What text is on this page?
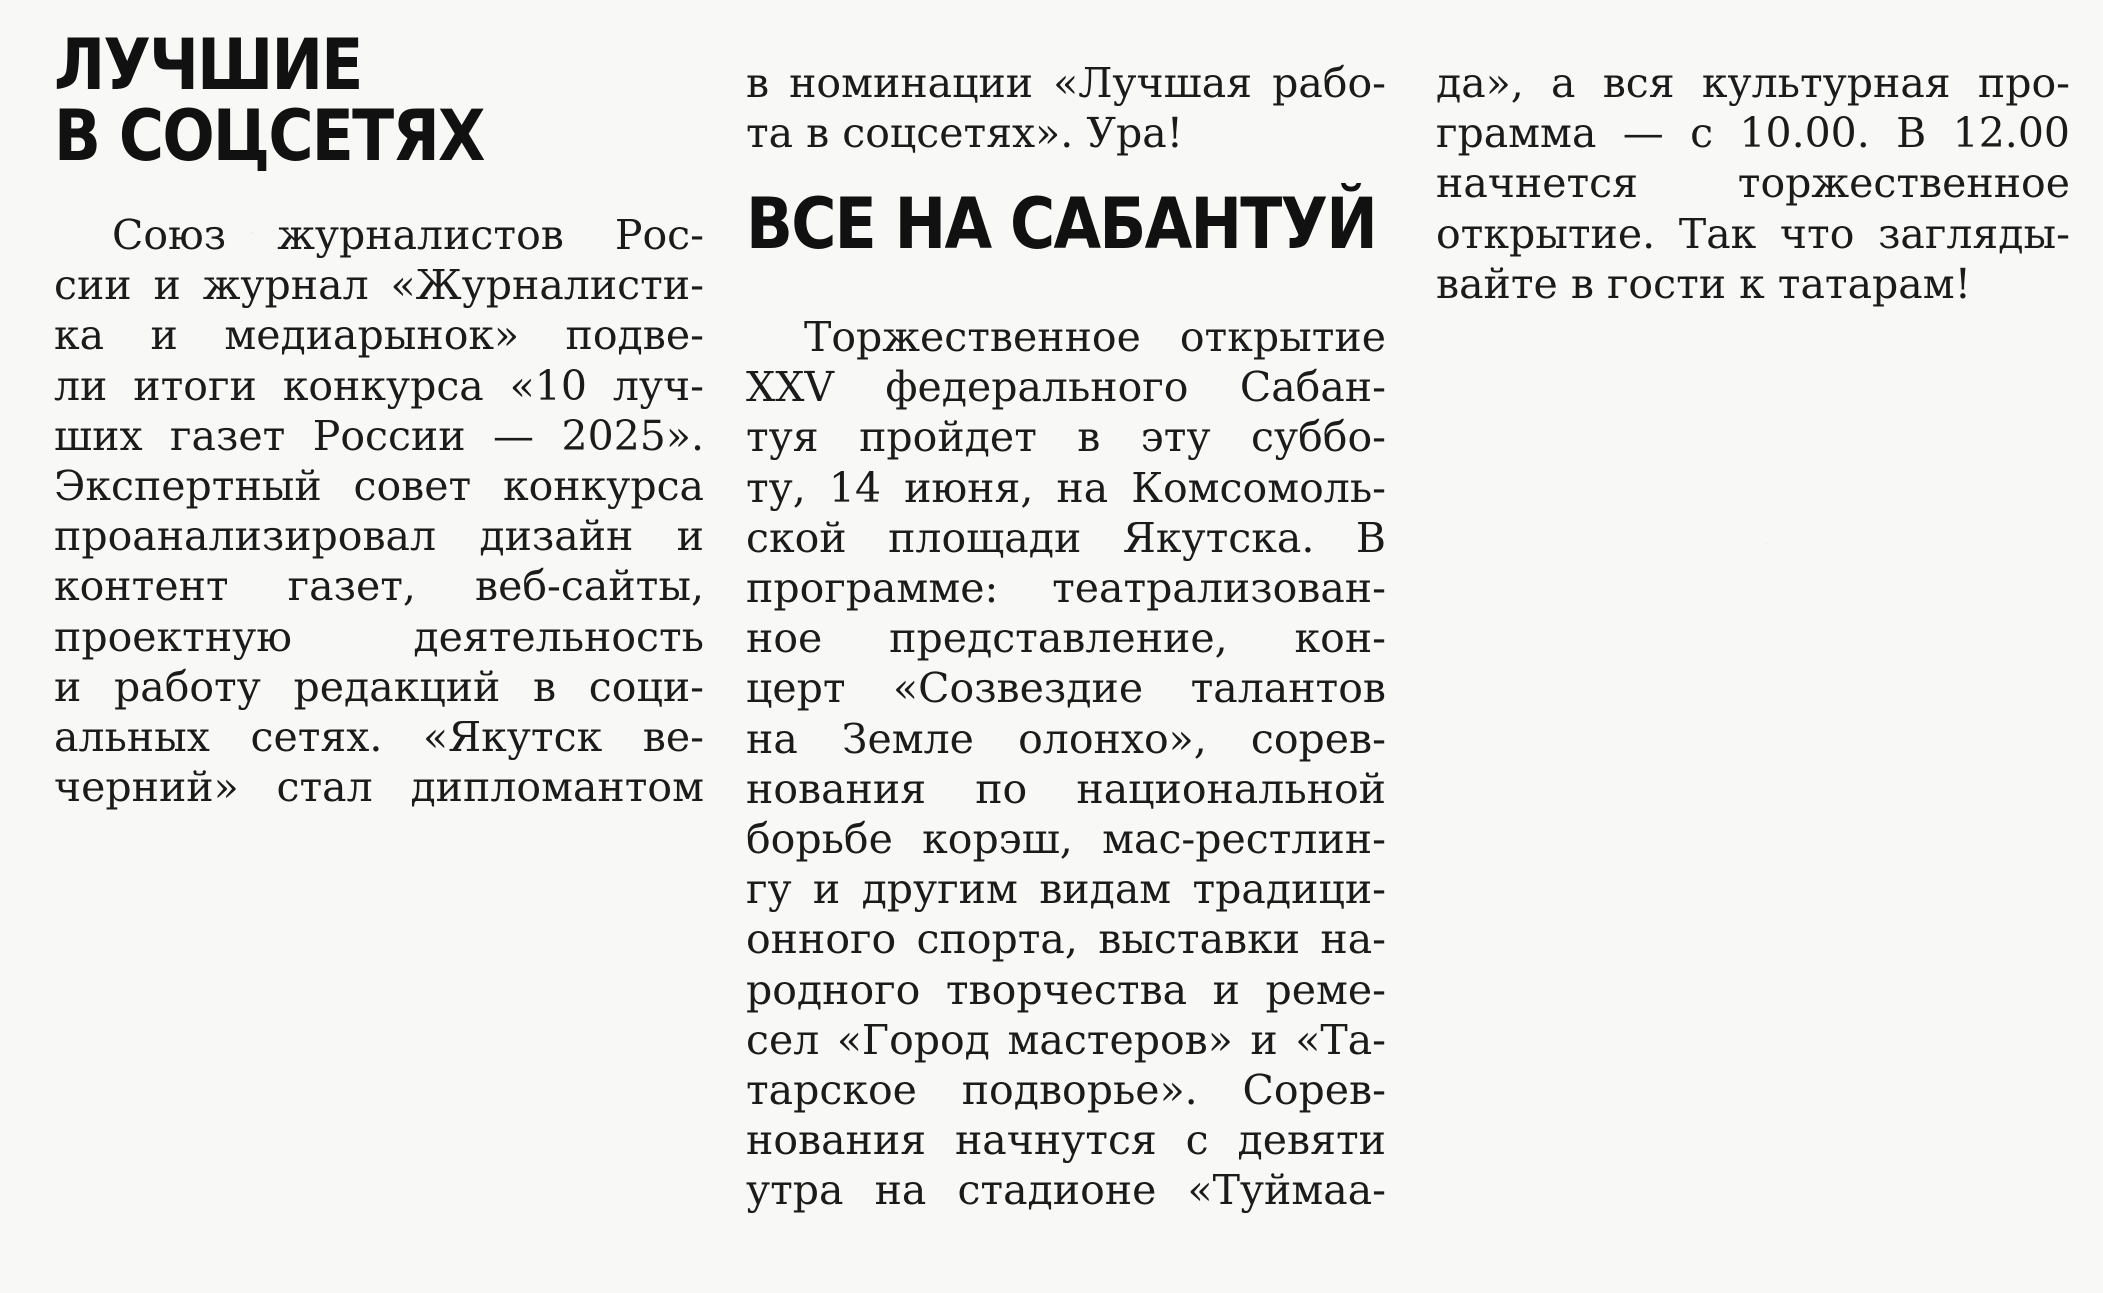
ЛУЧШИЕ
В СОЦСЕТЯХ
Союз журналистов Рос-
сии и журнал «Журналисти-
ка и медиарынок» подве-
ли итоги конкурса «10 луч-
ших газет России — 2025».
Экспертный совет конкурса
проанализировал дизайн и
контент газет, веб-сайты,
проектную деятельность
и работу редакций в соци-
альных сетях. «Якутск ве-
черний» стал дипломантом
в номинации «Лучшая рабо-
та в соцсетях». Ура!
ВСЕ НА САБАНТУЙ
Торжественное открытие
XXV федерального Сабан-
туя пройдет в эту суббо-
ту, 14 июня, на Комсомоль-
ской площади Якутска. В
программе: театрализован-
ное представление, кон-
церт «Созвездие талантов
на Земле олонхо», сорев-
нования по национальной
борьбе корэш, мас-рестлин-
гу и другим видам традици-
онного спорта, выставки на-
родного творчества и реме-
сел «Город мастеров» и «Та-
тарское подворье». Сорев-
нования начнутся с девяти
утра на стадионе «Туймаа-
да», а вся культурная про-
грамма — с 10.00. В 12.00
начнется торжественное
открытие. Так что загляды-
вайте в гости к татарам!
